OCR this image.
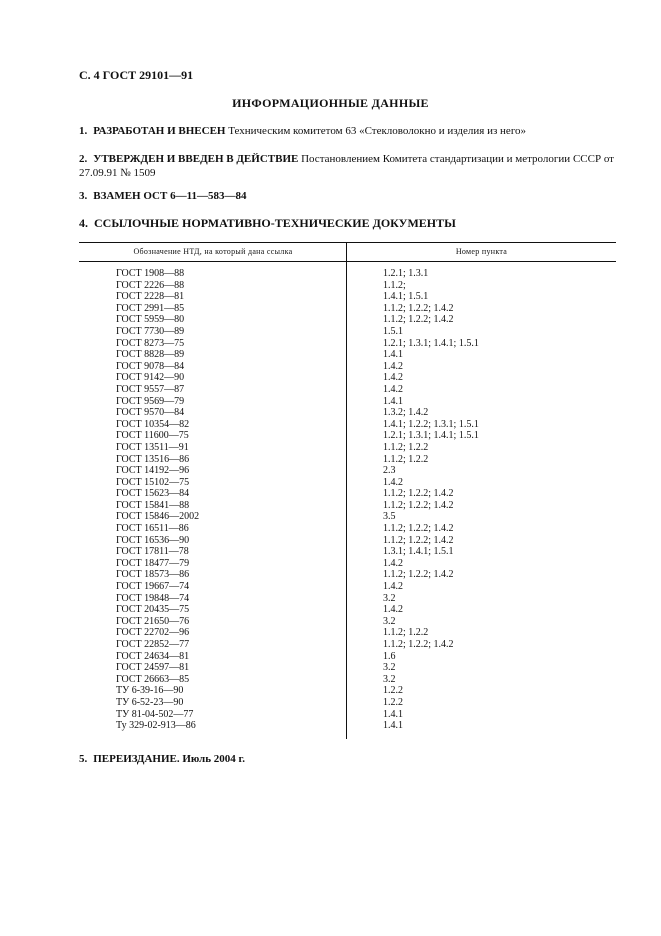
С. 4 ГОСТ 29101—91
ИНФОРМАЦИОННЫЕ ДАННЫЕ
1. РАЗРАБОТАН И ВНЕСЕН Техническим комитетом 63 «Стекловолокно и изделия из него»
2. УТВЕРЖДЕН И ВВЕДЕН В ДЕЙСТВИЕ Постановлением Комитета стандартизации и метрологии СССР от 27.09.91 № 1509
3. ВЗАМЕН ОСТ 6—11—583—84
4. ССЫЛОЧНЫЕ НОРМАТИВНО-ТЕХНИЧЕСКИЕ ДОКУМЕНТЫ
Обозначение НТД, на который дана ссылка	Номер пункта
ГОСТ 1908—88	1.2.1; 1.3.1
ГОСТ 2226—88	1.1.2;
ГОСТ 2228—81	1.4.1; 1.5.1
ГОСТ 2991—85	1.1.2; 1.2.2; 1.4.2
ГОСТ 5959—80	1.1.2; 1.2.2; 1.4.2
ГОСТ 7730—89	1.5.1
ГОСТ 8273—75	1.2.1; 1.3.1; 1.4.1; 1.5.1
ГОСТ 8828—89	1.4.1
ГОСТ 9078—84	1.4.2
ГОСТ 9142—90	1.4.2
ГОСТ 9557—87	1.4.2
ГОСТ 9569—79	1.4.1
ГОСТ 9570—84	1.3.2; 1.4.2
ГОСТ 10354—82	1.4.1; 1.2.2; 1.3.1; 1.5.1
ГОСТ 11600—75	1.2.1; 1.3.1; 1.4.1; 1.5.1
ГОСТ 13511—91	1.1.2; 1.2.2
ГОСТ 13516—86	1.1.2; 1.2.2
ГОСТ 14192—96	2.3
ГОСТ 15102—75	1.4.2
ГОСТ 15623—84	1.1.2; 1.2.2; 1.4.2
ГОСТ 15841—88	1.1.2; 1.2.2; 1.4.2
ГОСТ 15846—2002	3.5
ГОСТ 16511—86	1.1.2; 1.2.2; 1.4.2
ГОСТ 16536—90	1.1.2; 1.2.2; 1.4.2
ГОСТ 17811—78	1.3.1; 1.4.1; 1.5.1
ГОСТ 18477—79	1.4.2
ГОСТ 18573—86	1.1.2; 1.2.2; 1.4.2
ГОСТ 19667—74	1.4.2
ГОСТ 19848—74	3.2
ГОСТ 20435—75	1.4.2
ГОСТ 21650—76	3.2
ГОСТ 22702—96	1.1.2; 1.2.2
ГОСТ 22852—77	1.1.2; 1.2.2; 1.4.2
ГОСТ 24634—81	1.6
ГОСТ 24597—81	3.2
ГОСТ 26663—85	3.2
ТУ 6-39-16—90	1.2.2
ТУ 6-52-23—90	1.2.2
ТУ 81-04-502—77	1.4.1
Ту 329-02-913—86	1.4.1
5. ПЕРЕИЗДАНИЕ. Июль 2004 г.
